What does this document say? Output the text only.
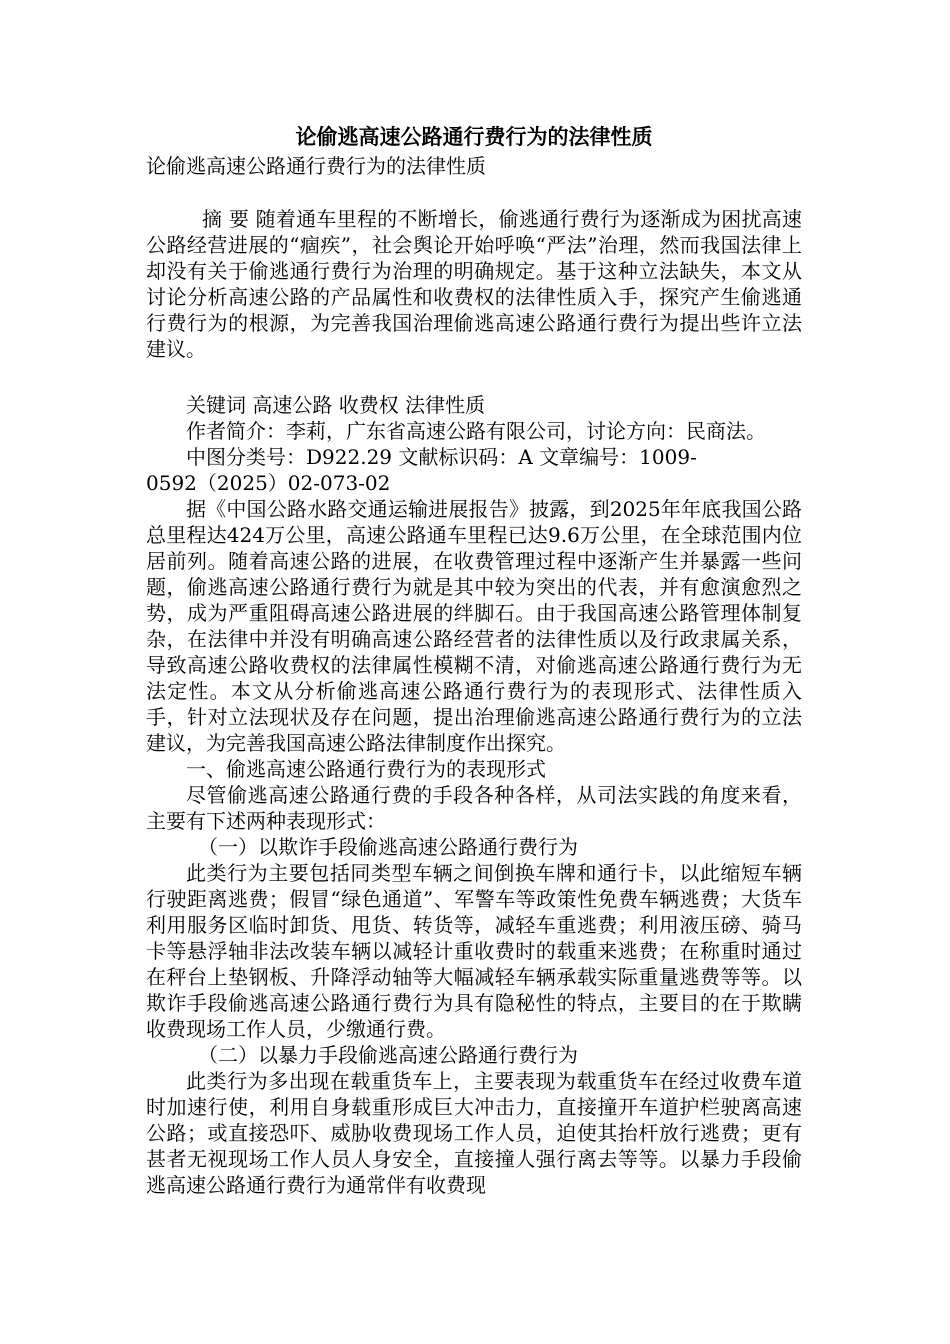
论偷逃高速公路通行费行为的法律性质
论偷逃高速公路通行费行为的法律性质

摘 要 随着通车里程的不断增长，偷逃通行费行为逐渐成为困扰高速公路经营进展的“痼疾”，社会舆论开始呼唤“严法”治理，然而我国法律上却没有关于偷逃通行费行为治理的明确规定。基于这种立法缺失，本文从讨论分析高速公路的产品属性和收费权的法律性质入手，探究产生偷逃通行费行为的根源，为完善我国治理偷逃高速公路通行费行为提出些许立法建议。

关键词 高速公路 收费权 法律性质

作者简介：李莉，广东省高速公路有限公司，讨论方向：民商法。

中图分类号：D922.29 文献标识码：A 文章编号：1009-

0592（2025）02-073-02

据《中国公路水路交通运输进展报告》披露，到2025年年底我国公路总里程达424万公里，高速公路通车里程已达9.6万公里，在全球范围内位居前列。随着高速公路的进展，在收费管理过程中逐渐产生并暴露一些问题，偷逃高速公路通行费行为就是其中较为突出的代表，并有愈演愈烈之势，成为严重阻碍高速公路进展的绊脚石。由于我国高速公路管理体制复杂，在法律中并没有明确高速公路经营者的法律性质以及行政隶属关系，导致高速公路收费权的法律属性模糊不清，对偷逃高速公路通行费行为无法定性。本文从分析偷逃高速公路通行费行为的表现形式、法律性质入手，针对立法现状及存在问题，提出治理偷逃高速公路通行费行为的立法建议，为完善我国高速公路法律制度作出探究。

一、偷逃高速公路通行费行为的表现形式

尽管偷逃高速公路通行费的手段各种各样，从司法实践的角度来看，主要有下述两种表现形式：

（一）以欺诈手段偷逃高速公路通行费行为

此类行为主要包括同类型车辆之间倒换车牌和通行卡，以此缩短车辆行驶距离逃费；假冒“绿色通道”、军警车等政策性免费车辆逃费；大货车利用服务区临时卸货、甩货、转货等，减轻车重逃费；利用液压磅、骑马卡等悬浮轴非法改装车辆以减轻计重收费时的载重来逃费；在称重时通过在秤台上垫钢板、升降浮动轴等大幅减轻车辆承载实际重量逃费等等。以欺诈手段偷逃高速公路通行费行为具有隐秘性的特点，主要目的在于欺瞒收费现场工作人员，少缴通行费。

（二）以暴力手段偷逃高速公路通行费行为

此类行为多出现在载重货车上，主要表现为载重货车在经过收费车道时加速行使，利用自身载重形成巨大冲击力，直接撞开车道护栏驶离高速公路；或直接恐吓、威胁收费现场工作人员，迫使其抬杆放行逃费；更有甚者无视现场工作人员人身安全，直接撞人强行离去等等。以暴力手段偷逃高速公路通行费行为通常伴有收费现
